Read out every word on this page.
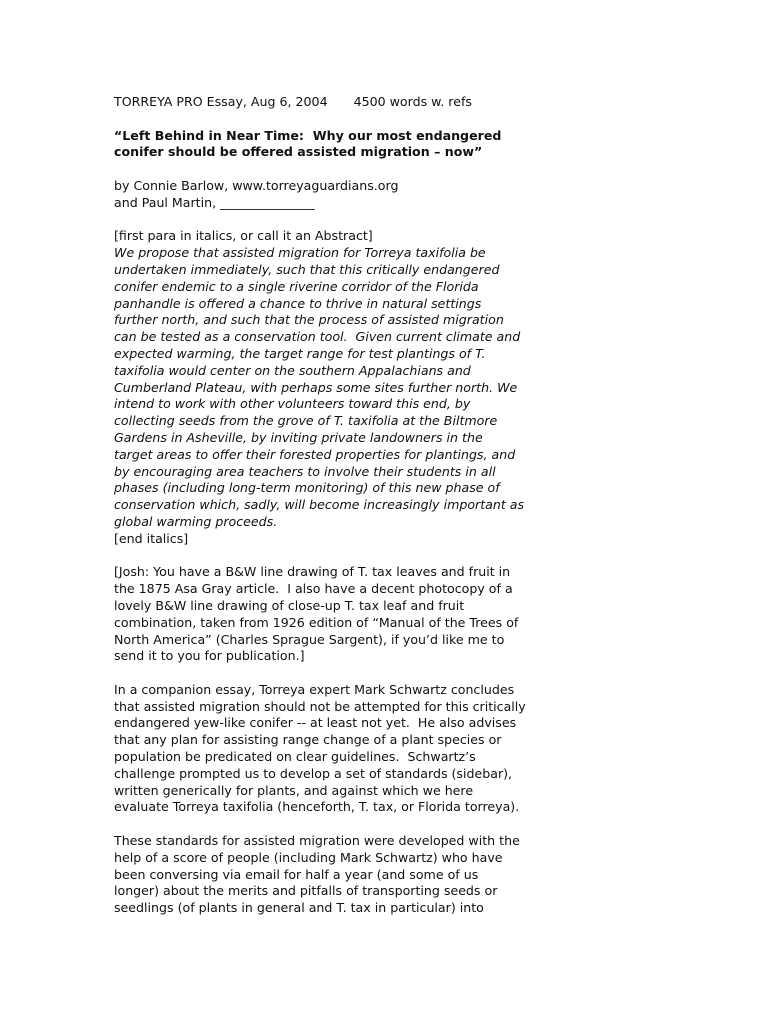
TORREYA PRO Essay, Aug 6, 2004 4500 words w. refs
“Left Behind in Near Time:  Why our most endangered
conifer should be offered assisted migration – now”
by Connie Barlow, www.torreyaguardians.org
and Paul Martin, _______________
[first para in italics, or call it an Abstract]
We propose that assisted migration for Torreya taxifolia be
undertaken immediately, such that this critically endangered
conifer endemic to a single riverine corridor of the Florida
panhandle is offered a chance to thrive in natural settings
further north, and such that the process of assisted migration
can be tested as a conservation tool.  Given current climate and
expected warming, the target range for test plantings of T.
taxifolia would center on the southern Appalachians and
Cumberland Plateau, with perhaps some sites further north. We
intend to work with other volunteers toward this end, by
collecting seeds from the grove of T. taxifolia at the Biltmore
Gardens in Asheville, by inviting private landowners in the
target areas to offer their forested properties for plantings, and
by encouraging area teachers to involve their students in all
phases (including long-term monitoring) of this new phase of
conservation which, sadly, will become increasingly important as
global warming proceeds.
[end italics]
[Josh: You have a B&W line drawing of T. tax leaves and fruit in
the 1875 Asa Gray article.  I also have a decent photocopy of a
lovely B&W line drawing of close-up T. tax leaf and fruit
combination, taken from 1926 edition of “Manual of the Trees of
North America” (Charles Sprague Sargent), if you’d like me to
send it to you for publication.]
In a companion essay, Torreya expert Mark Schwartz concludes
that assisted migration should not be attempted for this critically
endangered yew-like conifer -- at least not yet.  He also advises
that any plan for assisting range change of a plant species or
population be predicated on clear guidelines.  Schwartz’s
challenge prompted us to develop a set of standards (sidebar),
written generically for plants, and against which we here
evaluate Torreya taxifolia (henceforth, T. tax, or Florida torreya).
These standards for assisted migration were developed with the
help of a score of people (including Mark Schwartz) who have
been conversing via email for half a year (and some of us
longer) about the merits and pitfalls of transporting seeds or
seedlings (of plants in general and T. tax in particular) into
